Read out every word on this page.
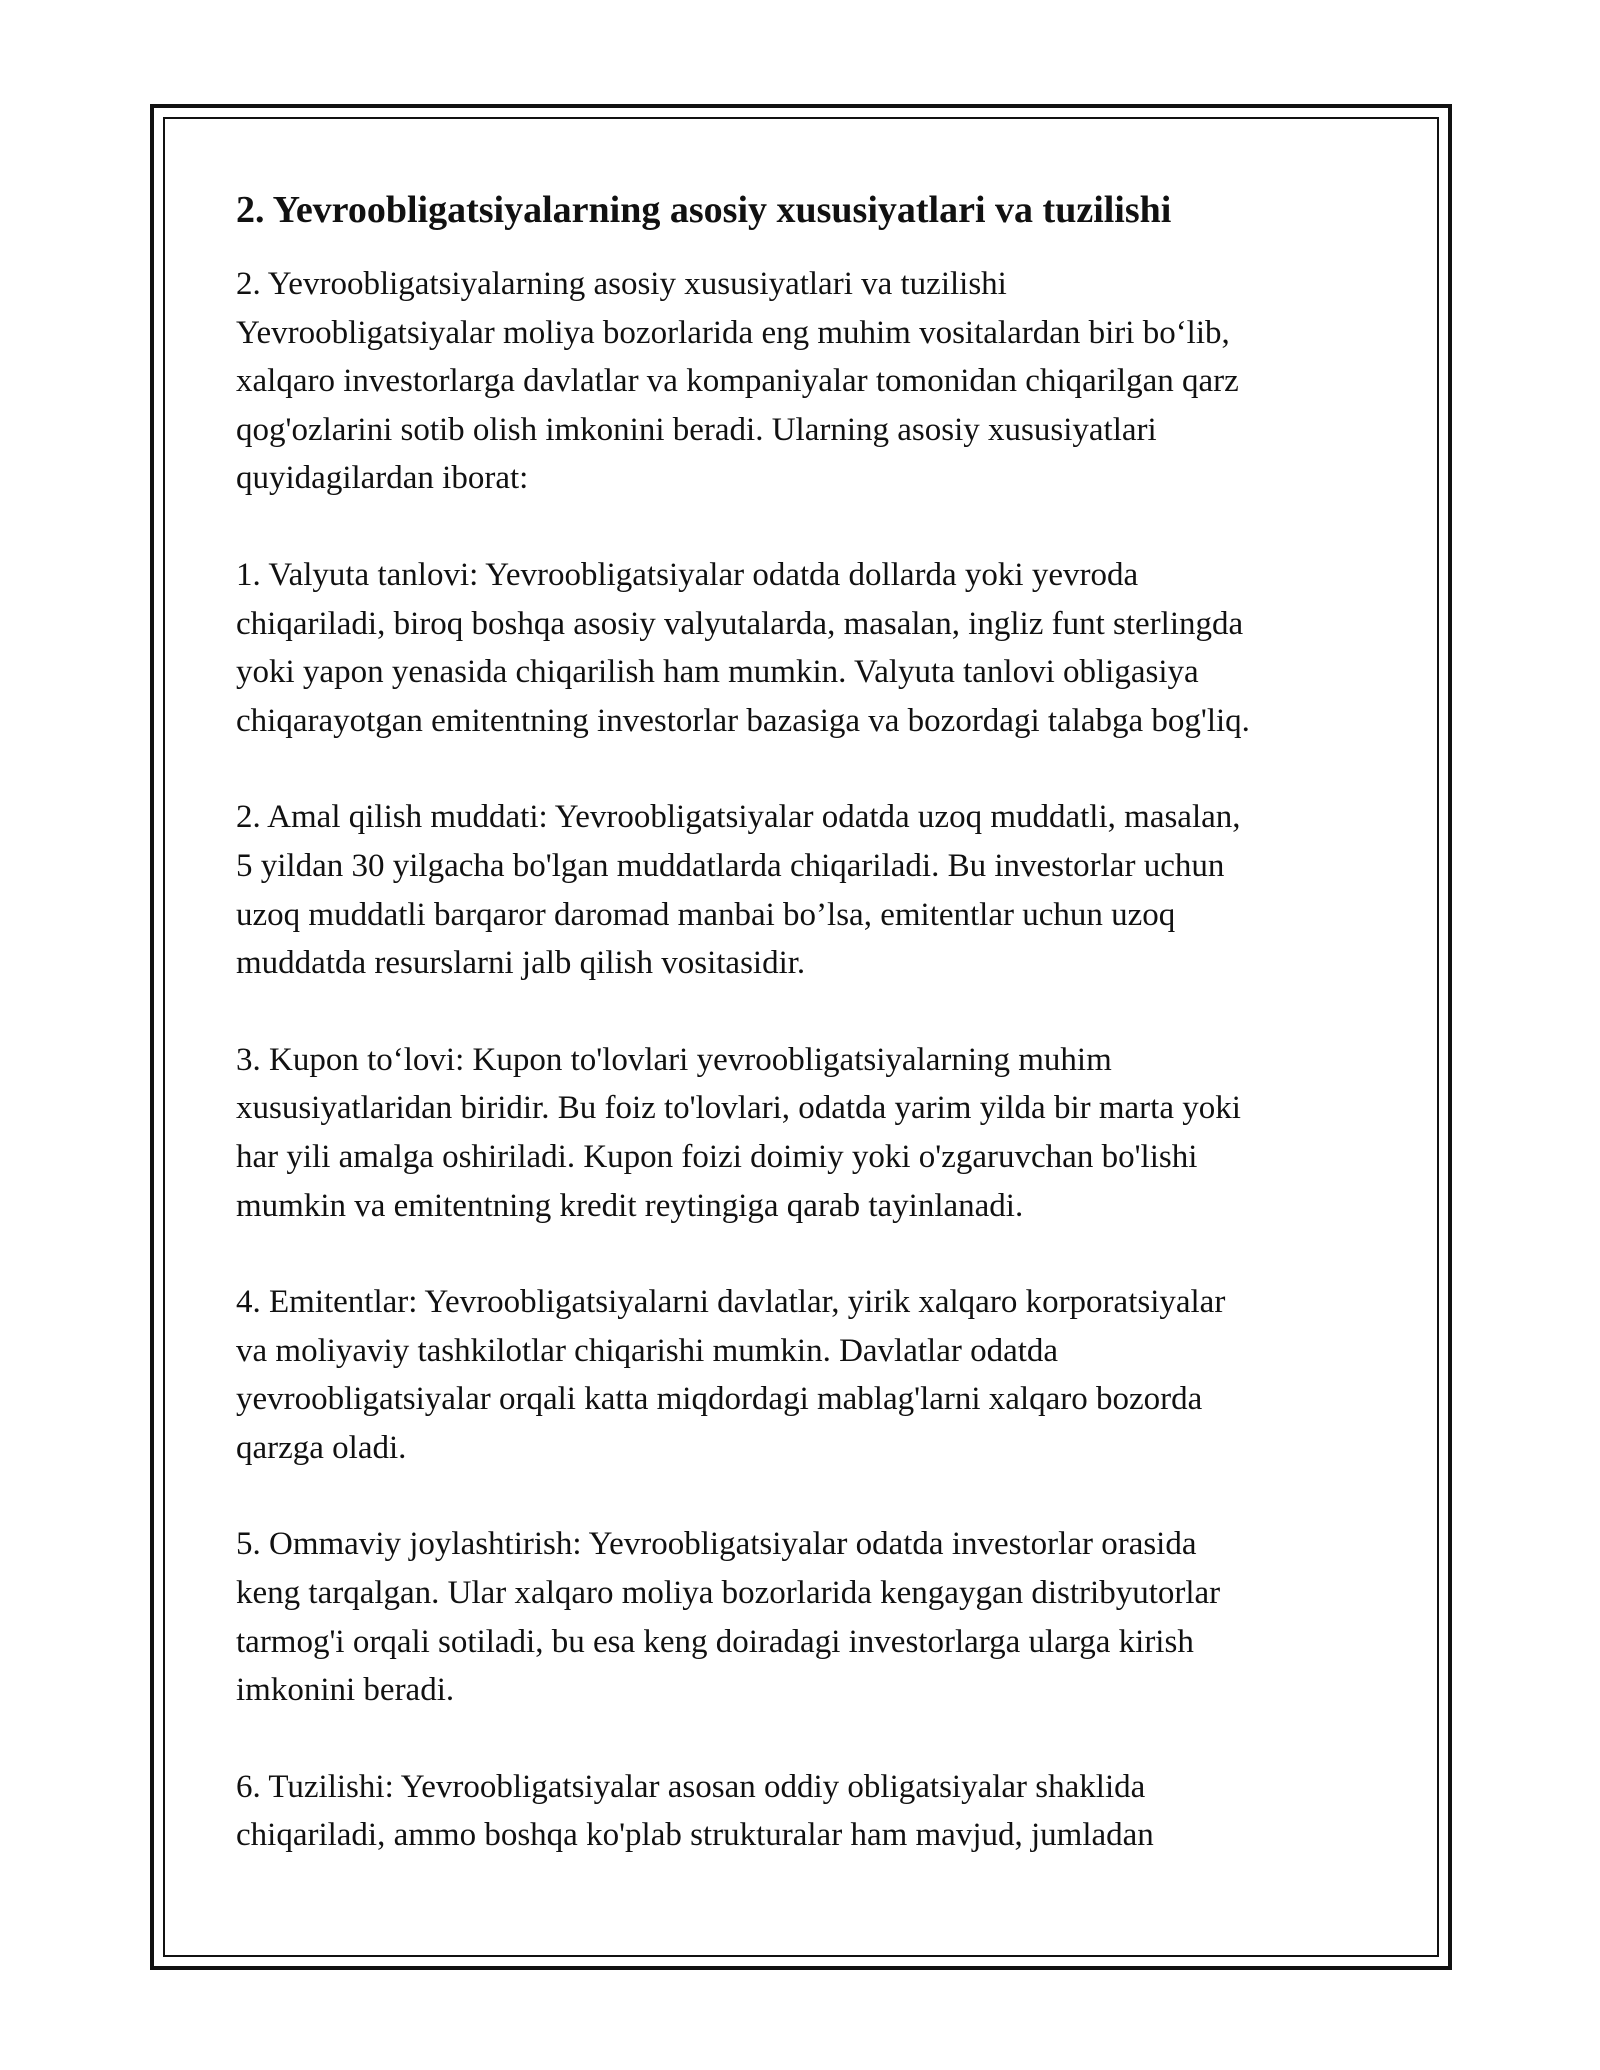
2. Yevroobligatsiyalarning asosiy xususiyatlari va tuzilishi

2. Yevroobligatsiyalarning asosiy xususiyatlari va tuzilishi
Yevroobligatsiyalar moliya bozorlarida eng muhim vositalardan biri bo‘lib,
xalqaro investorlarga davlatlar va kompaniyalar tomonidan chiqarilgan qarz
qog'ozlarini sotib olish imkonini beradi. Ularning asosiy xususiyatlari
quyidagilardan iborat:

1. Valyuta tanlovi: Yevroobligatsiyalar odatda dollarda yoki yevroda
chiqariladi, biroq boshqa asosiy valyutalarda, masalan, ingliz funt sterlingda
yoki yapon yenasida chiqarilish ham mumkin. Valyuta tanlovi obligasiya
chiqarayotgan emitentning investorlar bazasiga va bozordagi talabga bog'liq.

2. Amal qilish muddati: Yevroobligatsiyalar odatda uzoq muddatli, masalan,
5 yildan 30 yilgacha bo'lgan muddatlarda chiqariladi. Bu investorlar uchun
uzoq muddatli barqaror daromad manbai bo’lsa, emitentlar uchun uzoq
muddatda resurslarni jalb qilish vositasidir.

3. Kupon to‘lovi: Kupon to'lovlari yevroobligatsiyalarning muhim
xususiyatlaridan biridir. Bu foiz to'lovlari, odatda yarim yilda bir marta yoki
har yili amalga oshiriladi. Kupon foizi doimiy yoki o'zgaruvchan bo'lishi
mumkin va emitentning kredit reytingiga qarab tayinlanadi.

4. Emitentlar: Yevroobligatsiyalarni davlatlar, yirik xalqaro korporatsiyalar
va moliyaviy tashkilotlar chiqarishi mumkin. Davlatlar odatda
yevroobligatsiyalar orqali katta miqdordagi mablag'larni xalqaro bozorda
qarzga oladi.

5. Ommaviy joylashtirish: Yevroobligatsiyalar odatda investorlar orasida
keng tarqalgan. Ular xalqaro moliya bozorlarida kengaygan distribyutorlar
tarmog'i orqali sotiladi, bu esa keng doiradagi investorlarga ularga kirish
imkonini beradi.

6. Tuzilishi: Yevroobligatsiyalar asosan oddiy obligatsiyalar shaklida
chiqariladi, ammo boshqa ko'plab strukturalar ham mavjud, jumladan
